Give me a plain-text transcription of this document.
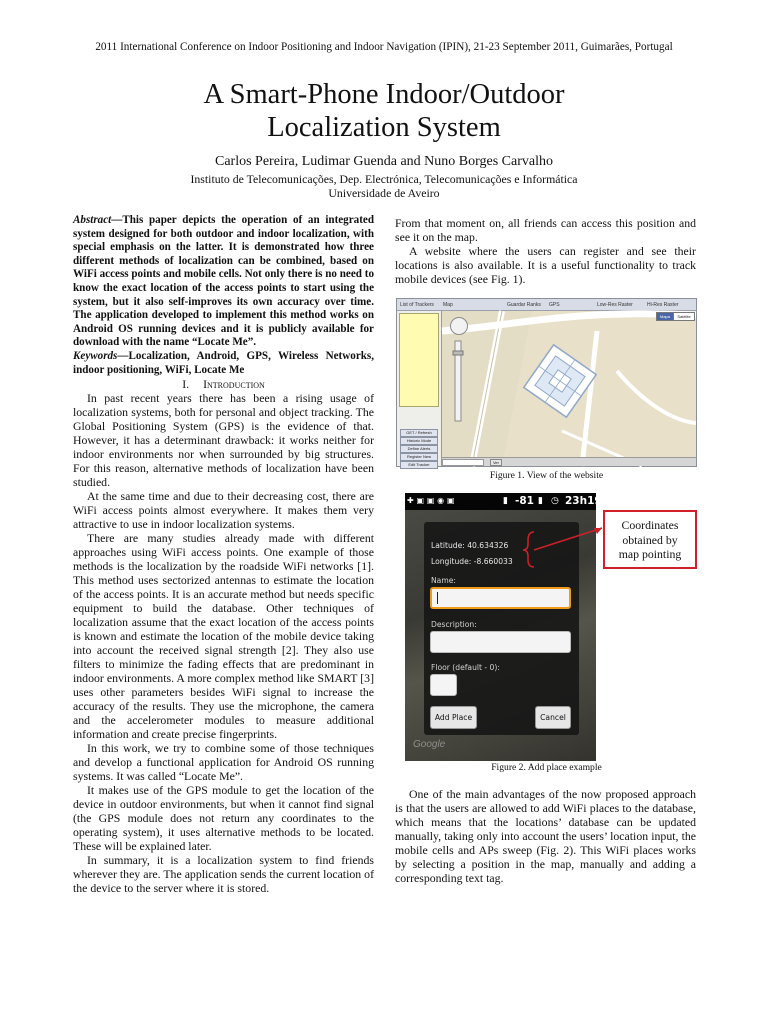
2011 International Conference on Indoor Positioning and Indoor Navigation (IPIN), 21-23 September 2011, Guimarães, Portugal
A Smart-Phone Indoor/Outdoor
Localization System
Carlos Pereira, Ludimar Guenda and Nuno Borges Carvalho
Instituto de Telecomunicações, Dep. Electrónica, Telecomunicações e Informática
Universidade de Aveiro

Abstract—This paper depicts the operation of an integrated system designed for both outdoor and indoor localization, with special emphasis on the latter. It is demonstrated how three different methods of localization can be combined, based on WiFi access points and mobile cells. Not only there is no need to know the exact location of the access points to start using the system, but it also self-improves its own accuracy over time. The application developed to implement this method works on Android OS running devices and it is publicly available for download with the name “Locate Me”.

Keywords—Localization, Android, GPS, Wireless Networks, indoor positioning, WiFi, Locate Me

I. Introduction

In past recent years there has been a rising usage of localization systems, both for personal and object tracking. The Global Positioning System (GPS) is the evidence of that. However, it has a determinant drawback: it works neither for indoor environments nor when surrounded by big structures. For this reason, alternative methods of localization have been studied.

At the same time and due to their decreasing cost, there are WiFi access points almost everywhere. It makes them very attractive to use in indoor localization systems.

There are many studies already made with different approaches using WiFi access points. One example of those methods is the localization by the roadside WiFi networks [1]. This method uses sectorized antennas to estimate the location of the access points. It is an accurate method but needs specific equipment to build the database. Other techniques of localization assume that the exact location of the access points is known and estimate the location of the mobile device taking into account the received signal strength [2]. They also use filters to minimize the fading effects that are predominant in indoor environments. A more complex method like SMART [3] uses other parameters besides WiFi signal to increase the accuracy of the results. They use the microphone, the camera and the accelerometer modules to measure additional information and create precise fingerprints.

In this work, we try to combine some of those techniques and develop a functional application for Android OS running systems. It was called “Locate Me”.

It makes use of the GPS module to get the location of the device in outdoor environments, but when it cannot find signal (the GPS module does not return any coordinates to the operating system), it uses alternative methods to be located. These will be explained later.

In summary, it is a localization system to find friends wherever they are. The application sends the current location of the device to the server where it is stored.

From that moment on, all friends can access this position and see it on the map.

A website where the users can register and see their locations is also available. It is a useful functionality to track mobile devices (see Fig. 1).

List of Trackers Map	Guardar Ranks GPS	Low-Res Raster	Hi-Res Raster
GET / Refresh
Historic Mode
Define Alerts
Register New
Edit Tracker
Mapa	Satélite
Ver
Figure 1. View of the website
✚ ▣ ▣ ◉ ▣	▮ -81 ▮ ◷ 23h19
Latitude: 40.634326
Longitude: -8.660033
Name:
Description:
Floor (default - 0):
Add Place	Cancel
Google
Coordinates
obtained by
map pointing
Figure 2. Add place example

One of the main advantages of the now proposed approach is that the users are allowed to add WiFi places to the database, which means that the locations’ database can be updated manually, taking only into account the users’ location input, the mobile cells and APs sweep (Fig. 2). This WiFi places works by selecting a position in the map, manually and adding a corresponding text tag.
